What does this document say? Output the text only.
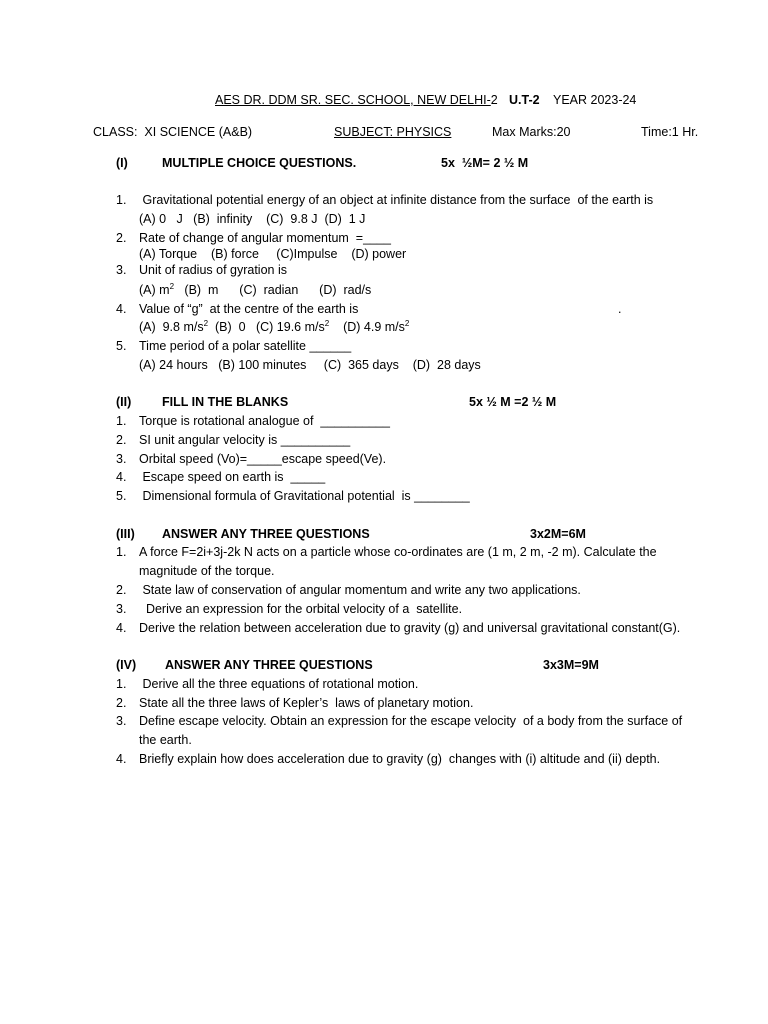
AES DR. DDM SR. SEC. SCHOOL, NEW DELHI-2 U.T-2 YEAR 2023-24
CLASS:  XI SCIENCE (A&B)	SUBJECT: PHYSICS	Max Marks:20	Time:1 Hr.
(I)	MULTIPLE CHOICE QUESTIONS.	5x  ½M= 2 ½ M
1. Gravitational potential energy of an object at infinite distance from the surface  of the earth is
(A) 0   J   (B)  infinity    (C)  9.8 J  (D)  1 J
2. Rate of change of angular momentum  =____
(A) Torque    (B) force     (C)Impulse    (D) power
3. Unit of radius of gyration is
(A) $m^2$   (B)  m      (C)  radian      (D)  rad/s
4. Value of “g”  at the centre of the earth is	.
(A)  9.8 $m/s^2$  (B)  0   (C) 19.6 $m/s^2$    (D) 4.9 $m/s^2$
5. Time period of a polar satellite ______
(A) 24 hours   (B) 100 minutes     (C)  365 days    (D)  28 days
(II) FILL IN THE BLANKS	5x ½ M =2 ½ M
1. Torque is rotational analogue of  __________
2. SI unit angular velocity is __________
3. Orbital speed (Vo)=_____escape speed(Ve).
4. Escape speed on earth is  _____
5. Dimensional formula of Gravitational potential  is ________
(III) ANSWER ANY THREE QUESTIONS	3x2M=6M
1. A force F=2i+3j-2k N acts on a particle whose co-ordinates are (1 m, 2 m, -2 m). Calculate the
magnitude of the torque.
2. State law of conservation of angular momentum and write any two applications.
3. Derive an expression for the orbital velocity of a  satellite.
4. Derive the relation between acceleration due to gravity (g) and universal gravitational constant(G).
(IV) ANSWER ANY THREE QUESTIONS	3x3M=9M
1. Derive all the three equations of rotational motion.
2. State all the three laws of Kepler’s  laws of planetary motion.
3. Define escape velocity. Obtain an expression for the escape velocity  of a body from the surface of
the earth.
4. Briefly explain how does acceleration due to gravity (g)  changes with (i) altitude and (ii) depth.
